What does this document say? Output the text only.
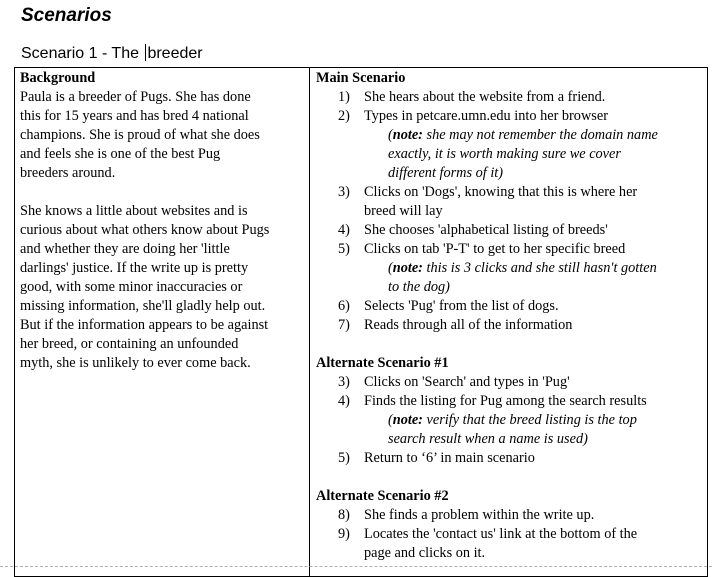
Scenarios
Scenario 1 - The breeder
Background
Paula is a breeder of Pugs. She has done
this for 15 years and has bred 4 national
champions. She is proud of what she does
and feels she is one of the best Pug
breeders around.
She knows a little about websites and is
curious about what others know about Pugs
and whether they are doing her 'little
darlings' justice. If the write up is pretty
good, with some minor inaccuracies or
missing information, she'll gladly help out.
But if the information appears to be against
her breed, or containing an unfounded
myth, she is unlikely to ever come back.
Main Scenario
1) She hears about the website from a friend.
2) Types in petcare.umn.edu into her browser
(note: she may not remember the domain name
exactly, it is worth making sure we cover
different forms of it)
3) Clicks on 'Dogs', knowing that this is where her
breed will lay
4) She chooses 'alphabetical listing of breeds'
5) Clicks on tab 'P-T' to get to her specific breed
(note: this is 3 clicks and she still hasn't gotten
to the dog)
6) Selects 'Pug' from the list of dogs.
7) Reads through all of the information
Alternate Scenario #1
3) Clicks on 'Search' and types in 'Pug'
4) Finds the listing for Pug among the search results
(note: verify that the breed listing is the top
search result when a name is used)
5) Return to ‘6’ in main scenario
Alternate Scenario #2
8) She finds a problem within the write up.
9) Locates the 'contact us' link at the bottom of the
page and clicks on it.
